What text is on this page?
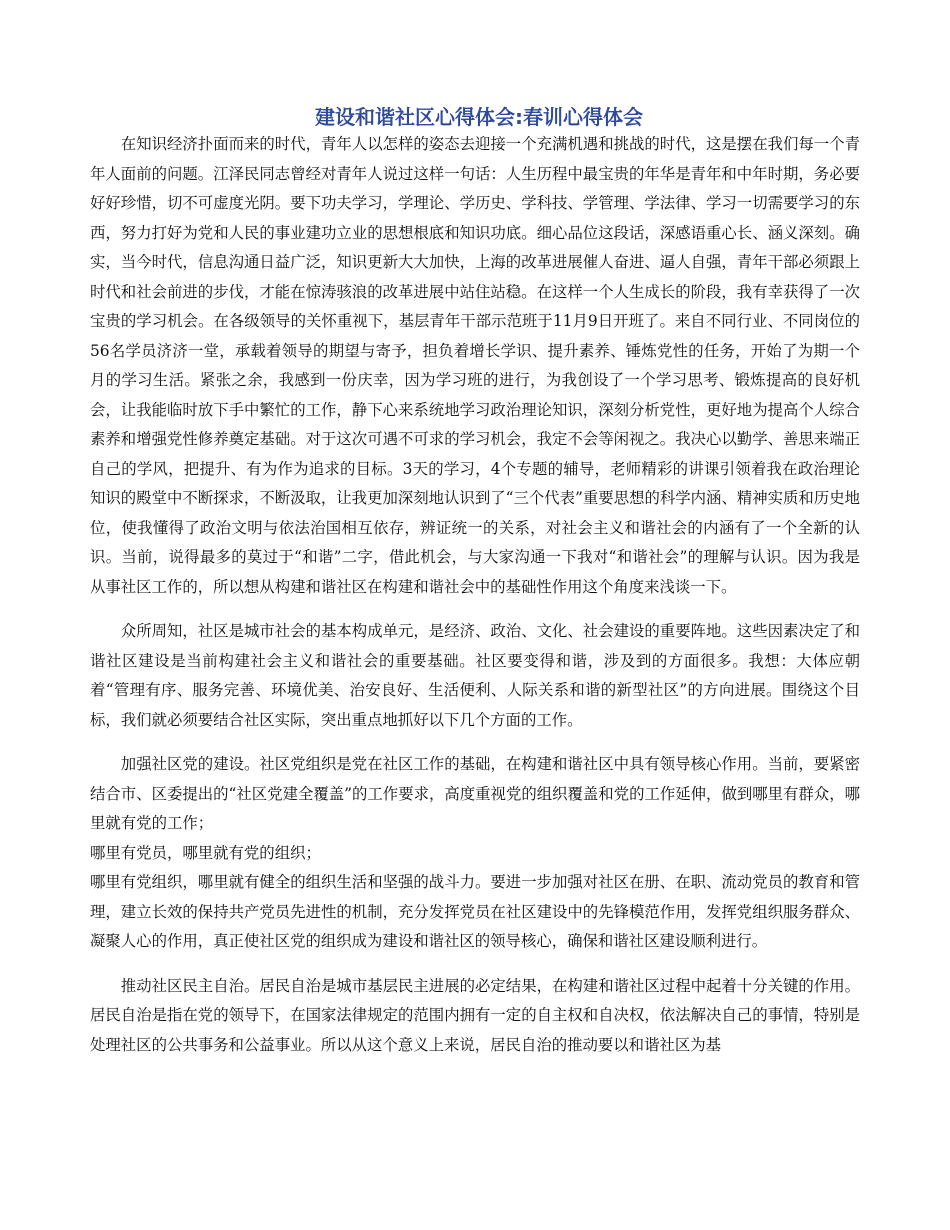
建设和谐社区心得体会:春训心得体会

在知识经济扑面而来的时代，青年人以怎样的姿态去迎接一个充满机遇和挑战的时代，这是摆在我们每一个青年人面前的问题。江泽民同志曾经对青年人说过这样一句话：人生历程中最宝贵的年华是青年和中年时期，务必要好好珍惜，切不可虚度光阴。要下功夫学习，学理论、学历史、学科技、学管理、学法律、学习一切需要学习的东西，努力打好为党和人民的事业建功立业的思想根底和知识功底。细心品位这段话，深感语重心长、涵义深刻。确实，当今时代，信息沟通日益广泛，知识更新大大加快，上海的改革进展催人奋进、逼人自强，青年干部必须跟上时代和社会前进的步伐，才能在惊涛骇浪的改革进展中站住站稳。在这样一个人生成长的阶段，我有幸获得了一次宝贵的学习机会。在各级领导的关怀重视下，基层青年干部示范班于11月9日开班了。来自不同行业、不同岗位的56名学员济济一堂，承载着领导的期望与寄予，担负着增长学识、提升素养、锤炼党性的任务，开始了为期一个月的学习生活。紧张之余，我感到一份庆幸，因为学习班的进行，为我创设了一个学习思考、锻炼提高的良好机会，让我能临时放下手中繁忙的工作，静下心来系统地学习政治理论知识，深刻分析党性，更好地为提高个人综合素养和增强党性修养奠定基础。对于这次可遇不可求的学习机会，我定不会等闲视之。我决心以勤学、善思来端正自己的学风，把提升、有为作为追求的目标。3天的学习，4个专题的辅导，老师精彩的讲课引领着我在政治理论知识的殿堂中不断探求，不断汲取，让我更加深刻地认识到了“三个代表”重要思想的科学内涵、精神实质和历史地位，使我懂得了政治文明与依法治国相互依存，辨证统一的关系，对社会主义和谐社会的内涵有了一个全新的认识。当前，说得最多的莫过于“和谐”二字，借此机会，与大家沟通一下我对“和谐社会”的理解与认识。因为我是从事社区工作的，所以想从构建和谐社区在构建和谐社会中的基础性作用这个角度来浅谈一下。

众所周知，社区是城市社会的基本构成单元，是经济、政治、文化、社会建设的重要阵地。这些因素决定了和谐社区建设是当前构建社会主义和谐社会的重要基础。社区要变得和谐，涉及到的方面很多。我想：大体应朝着“管理有序、服务完善、环境优美、治安良好、生活便利、人际关系和谐的新型社区”的方向进展。围绕这个目标，我们就必须要结合社区实际，突出重点地抓好以下几个方面的工作。

加强社区党的建设。社区党组织是党在社区工作的基础，在构建和谐社区中具有领导核心作用。当前，要紧密结合市、区委提出的“社区党建全覆盖”的工作要求，高度重视党的组织覆盖和党的工作延伸，做到哪里有群众，哪里就有党的工作；

哪里有党员，哪里就有党的组织；

哪里有党组织，哪里就有健全的组织生活和坚强的战斗力。要进一步加强对社区在册、在职、流动党员的教育和管理，建立长效的保持共产党员先进性的机制，充分发挥党员在社区建设中的先锋模范作用，发挥党组织服务群众、凝聚人心的作用，真正使社区党的组织成为建设和谐社区的领导核心，确保和谐社区建设顺利进行。

推动社区民主自治。居民自治是城市基层民主进展的必定结果，在构建和谐社区过程中起着十分关键的作用。居民自治是指在党的领导下，在国家法律规定的范围内拥有一定的自主权和自决权，依法解决自己的事情，特别是处理社区的公共事务和公益事业。所以从这个意义上来说，居民自治的推动要以和谐社区为基
